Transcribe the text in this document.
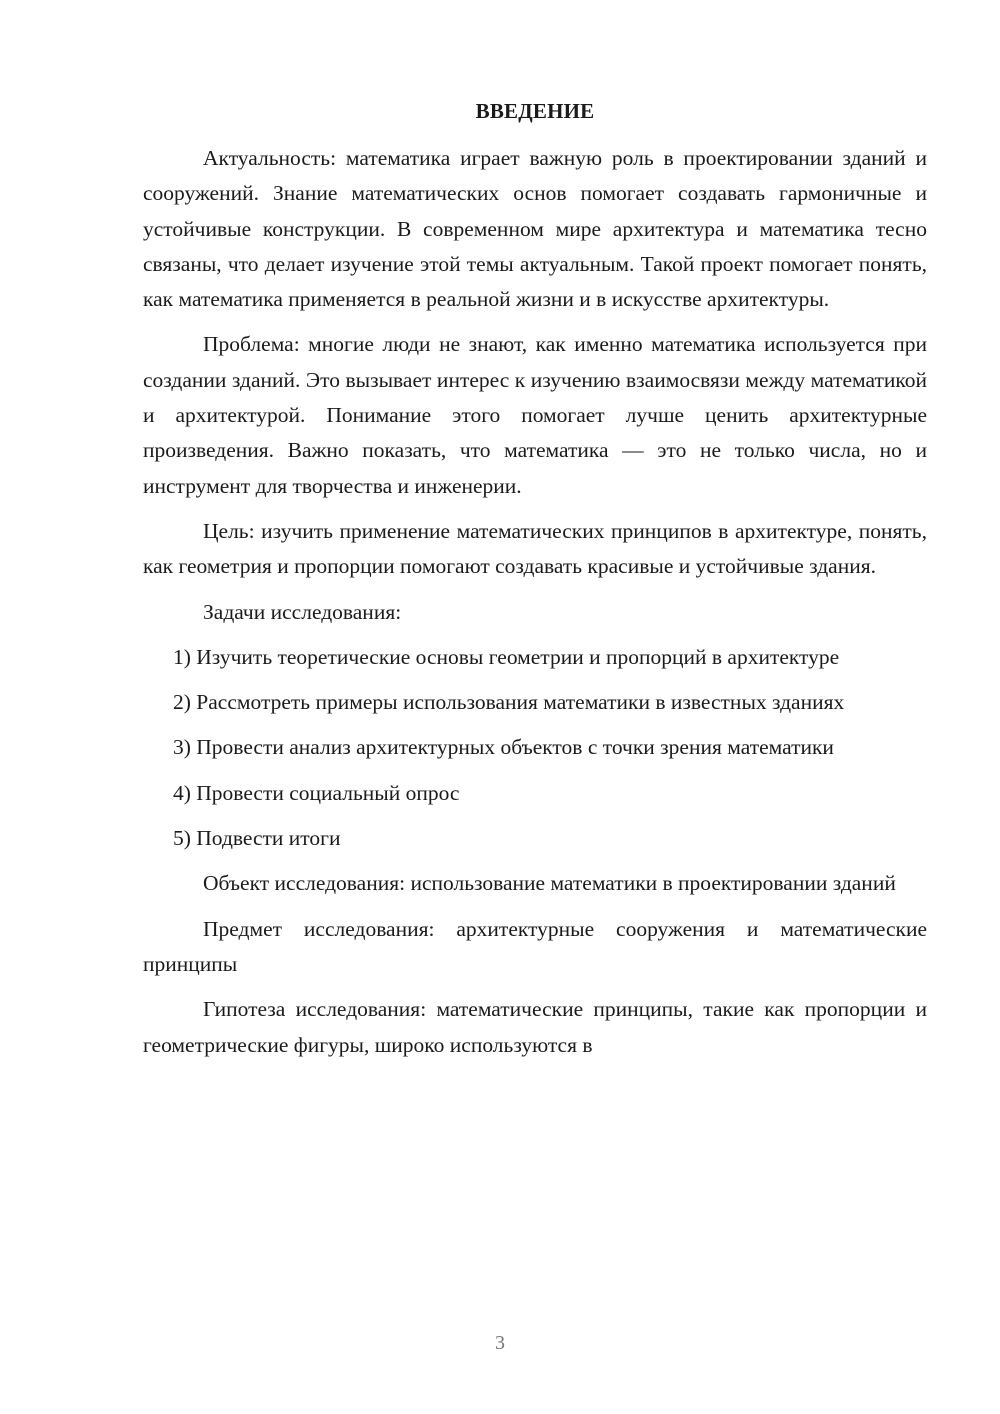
ВВЕДЕНИЕ

Актуальность: математика играет важную роль в проектировании зданий и сооружений. Знание математических основ помогает создавать гармоничные и устойчивые конструкции. В современном мире архитектура и математика тесно связаны, что делает изучение этой темы актуальным. Такой проект помогает понять, как математика применяется в реальной жизни и в искусстве архитектуры.

Проблема: многие люди не знают, как именно математика используется при создании зданий. Это вызывает интерес к изучению взаимосвязи между математикой и архитектурой. Понимание этого помогает лучше ценить архитектурные произведения. Важно показать, что математика — это не только числа, но и инструмент для творчества и инженерии.

Цель: изучить применение математических принципов в архитектуре, понять, как геометрия и пропорции помогают создавать красивые и устойчивые здания.

Задачи исследования:

1) Изучить теоретические основы геометрии и пропорций в архитектуре

2) Рассмотреть примеры использования математики в известных зданиях

3) Провести анализ архитектурных объектов с точки зрения математики

4) Провести социальный опрос

5) Подвести итоги

Объект исследования: использование математики в проектировании зданий

Предмет исследования: архитектурные сооружения и математические принципы

Гипотеза исследования: математические принципы, такие как пропорции и геометрические фигуры, широко используются в

3
